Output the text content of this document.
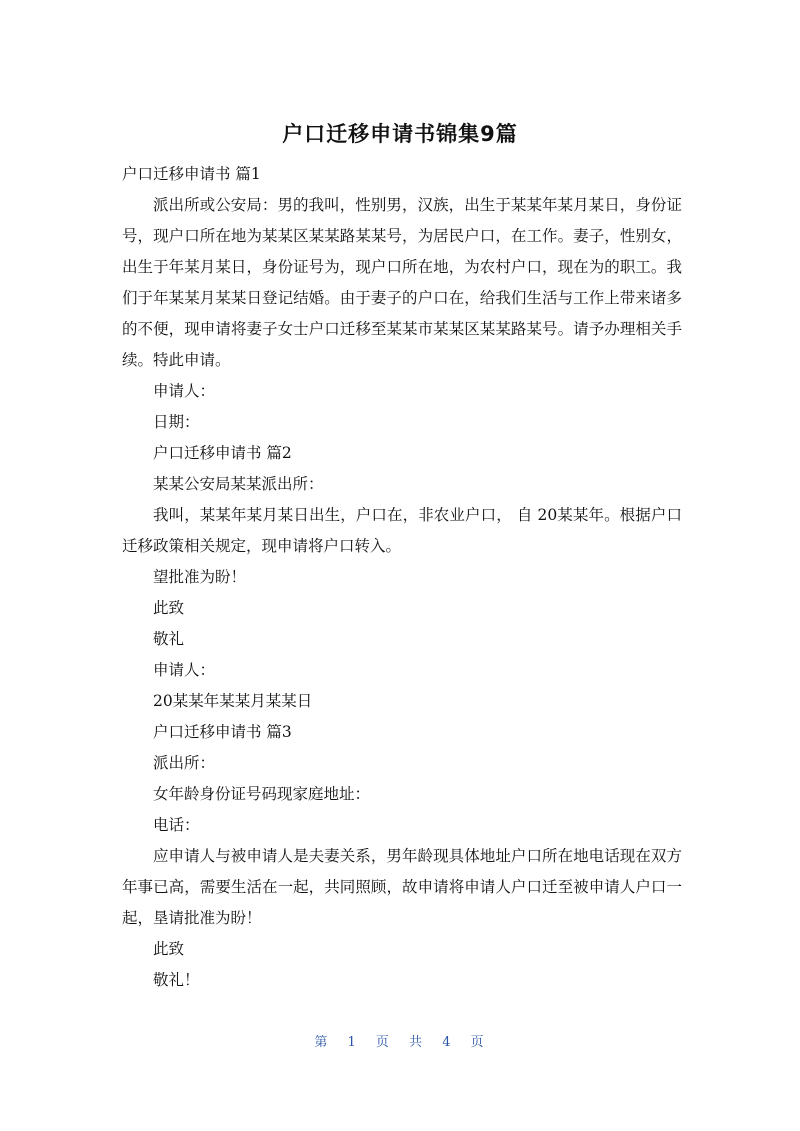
户口迁移申请书锦集9篇

户口迁移申请书 篇1

派出所或公安局：男的我叫，性别男，汉族，出生于某某年某月某日，身份证号，现户口所在地为某某区某某路某某号，为居民户口，在工作。妻子，性别女，出生于年某月某日，身份证号为，现户口所在地，为农村户口，现在为的职工。我们于年某某月某某日登记结婚。由于妻子的户口在，给我们生活与工作上带来诸多的不便，现申请将妻子女士户口迁移至某某市某某区某某路某号。请予办理相关手续。特此申请。

申请人：

日期：

户口迁移申请书 篇2

某某公安局某某派出所：

我叫，某某年某月某日出生，户口在，非农业户口， 自 20某某年。根据户口迁移政策相关规定，现申请将户口转入。

望批准为盼！

此致

敬礼

申请人：

20某某年某某月某某日

户口迁移申请书 篇3

派出所：

女年龄身份证号码现家庭地址：

电话：

应申请人与被申请人是夫妻关系，男年龄现具体地址户口所在地电话现在双方年事已高，需要生活在一起，共同照顾，故申请将申请人户口迁至被申请人户口一起，垦请批准为盼！

此致

敬礼！

第 1 页 共 4 页
